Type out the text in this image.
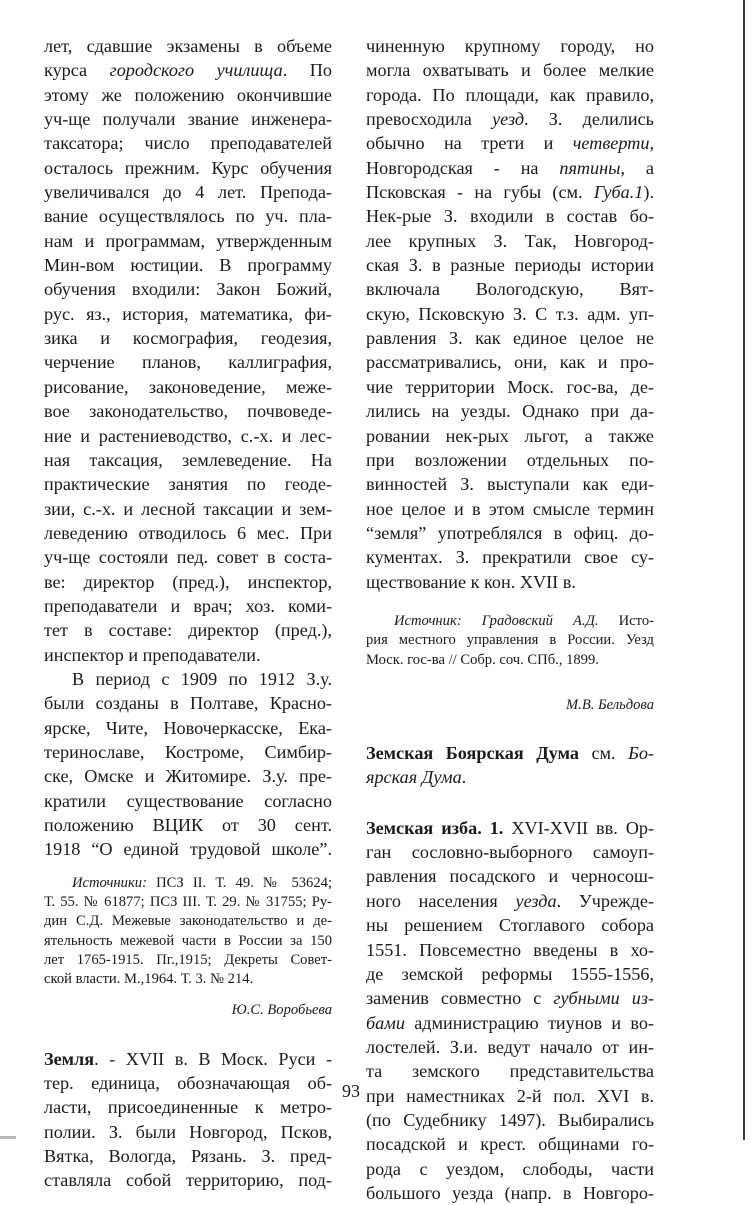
лет, сдавшие экзамены в объеме
курса городского училища. По
этому же положению окончившие
уч-ще получали звание инженера-
таксатора; число преподавателей
осталось прежним. Курс обучения
увеличивался до 4 лет. Препода-
вание осуществлялось по уч. пла-
нам и программам, утвержденным
Мин-вом юстиции. В программу
обучения входили: Закон Божий,
рус. яз., история, математика, фи-
зика и космография, геодезия,
черчение планов, каллиграфия,
рисование, законоведение, меже-
вое законодательство, почвоведе-
ние и растениеводство, с.-х. и лес-
ная таксация, землеведение. На
практические занятия по геоде-
зии, с.-х. и лесной таксации и зем-
леведению отводилось 6 мес. При
уч-ще состояли пед. совет в соста-
ве: директор (пред.), инспектор,
преподаватели и врач; хоз. коми-
тет в составе: директор (пред.),
инспектор и преподаватели.
В период с 1909 по 1912 З.у.
были созданы в Полтаве, Красно-
ярске, Чите, Новочеркасске, Ека-
теринославе, Костроме, Симбир-
ске, Омске и Житомире. З.у. пре-
кратили существование согласно
положению ВЦИК от 30 сент.
1918 “О единой трудовой школе”.
Источники: ПСЗ II. Т. 49. № 53624;
Т. 55. № 61877; ПСЗ III. Т. 29. № 31755; Ру-
дин С.Д. Межевые законодательство и де-
ятельность межевой части в России за 150
лет 1765-1915. Пг.,1915; Декреты Совет-
ской власти. М.,1964. Т. 3. № 214.
Ю.С. Воробьева
Земля. - XVII в. В Моск. Руси -
тер. единица, обозначающая об-
ласти, присоединенные к метро-
полии. З. были Новгород, Псков,
Вятка, Вологда, Рязань. З. пред-
ставляла собой территорию, под-
чиненную крупному городу, но
могла охватывать и более мелкие
города. По площади, как правило,
превосходила уезд. З. делились
обычно на трети и четверти,
Новгородская - на пятины, а
Псковская - на губы (см. Губа.1).
Нек-рые З. входили в состав бо-
лее крупных З. Так, Новгород-
ская З. в разные периоды истории
включала Вологодскую, Вят-
скую, Псковскую З. С т.з. адм. уп-
равления З. как единое целое не
рассматривались, они, как и про-
чие территории Моск. гос-ва, де-
лились на уезды. Однако при да-
ровании нек-рых льгот, а также
при возложении отдельных по-
винностей З. выступали как еди-
ное целое и в этом смысле термин
“земля” употреблялся в офиц. до-
кументах. З. прекратили свое су-
ществование к кон. XVII в.
Источник: Градовский А.Д. Исто-
рия местного управления в России. Уезд
Моск. гос-ва // Собр. соч. СПб., 1899.
М.В. Бельдова
Земская Боярская Дума см. Бо-
ярская Дума.
Земская изба. 1. XVI-XVII вв. Ор-
ган сословно-выборного самоуп-
равления посадского и черносош-
ного населения уезда. Учрежде-
ны решением Стоглавого собора
1551. Повсеместно введены в хо-
де земской реформы 1555-1556,
заменив совместно с губными из-
бами администрацию тиунов и во-
лостелей. З.и. ведут начало от ин-
та земского представительства
при наместниках 2-й пол. XVI в.
(по Судебнику 1497). Выбирались
посадской и крест. общинами го-
рода с уездом, слободы, части
большого уезда (напр. в Новгоро-
93
